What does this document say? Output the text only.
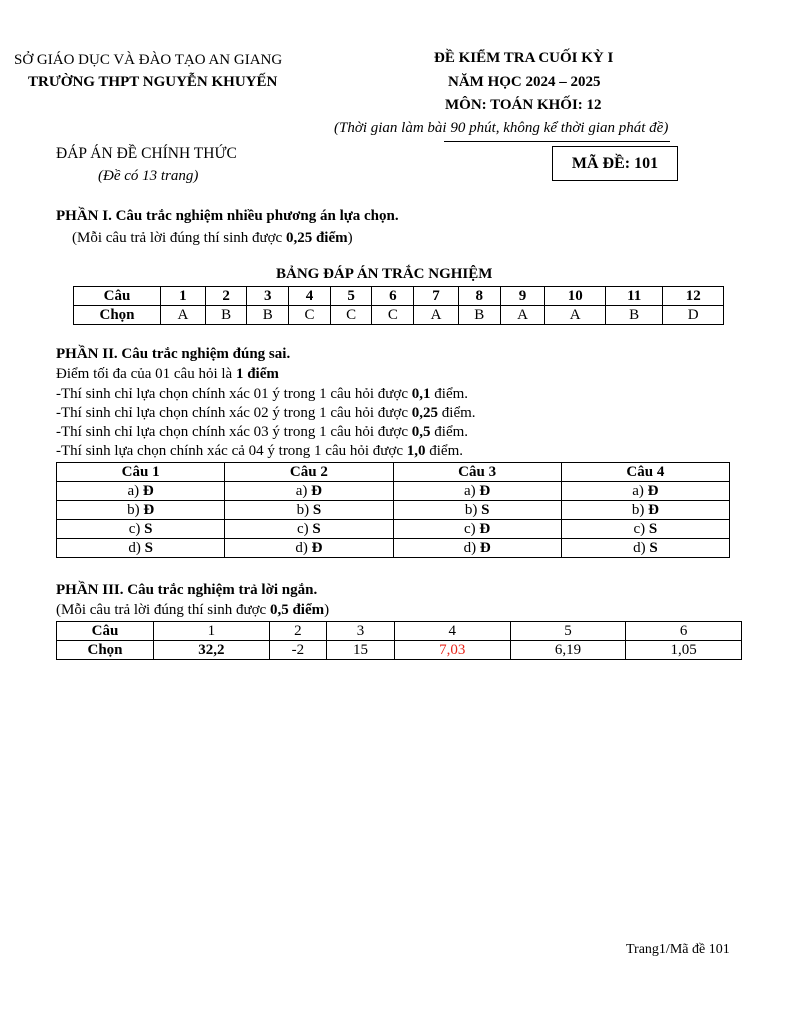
SỞ GIÁO DỤC VÀ ĐÀO TẠO AN GIANG
TRƯỜNG THPT NGUYỄN KHUYẾN
ĐỀ KIỂM TRA CUỐI KỲ I
NĂM HỌC 2024 – 2025
MÔN: TOÁN KHỐI: 12
(Thời gian làm bài 90 phút, không kể thời gian phát đề)
ĐÁP ÁN ĐỀ CHÍNH THỨC
(Đề có 13 trang)
MÃ ĐỀ: 101
PHẦN I. Câu trắc nghiệm nhiều phương án lựa chọn.
(Mỗi câu trả lời đúng thí sinh được 0,25 điểm)
BẢNG ĐÁP ÁN TRẮC NGHIỆM
Câu	1	2	3	4	5	6	7	8	9	10	11	12
Chọn	A	B	B	C	C	C	A	B	A	A	B	D
PHẦN II. Câu trắc nghiệm đúng sai.
Điểm tối đa của 01 câu hỏi là 1 điểm
-Thí sinh chỉ lựa chọn chính xác 01 ý trong 1 câu hỏi được 0,1 điểm.
-Thí sinh chỉ lựa chọn chính xác 02 ý trong 1 câu hỏi được 0,25 điểm.
-Thí sinh chỉ lựa chọn chính xác 03 ý trong 1 câu hỏi được 0,5 điểm.
-Thí sinh lựa chọn chính xác cả 04 ý trong 1 câu hỏi được 1,0 điểm.
Câu 1	Câu 2	Câu 3	Câu 4
a) Đ	a) Đ	a) Đ	a) Đ
b) Đ	b) S	b) S	b) Đ
c) S	c) S	c) Đ	c) S
d) S	d) Đ	d) Đ	d) S
PHẦN III. Câu trắc nghiệm trả lời ngắn.
(Mỗi câu trả lời đúng thí sinh được 0,5 điểm)
Câu	1	2	3	4	5	6
Chọn	32,2	-2	15	7,03	6,19	1,05
Trang1/Mã đề 101
